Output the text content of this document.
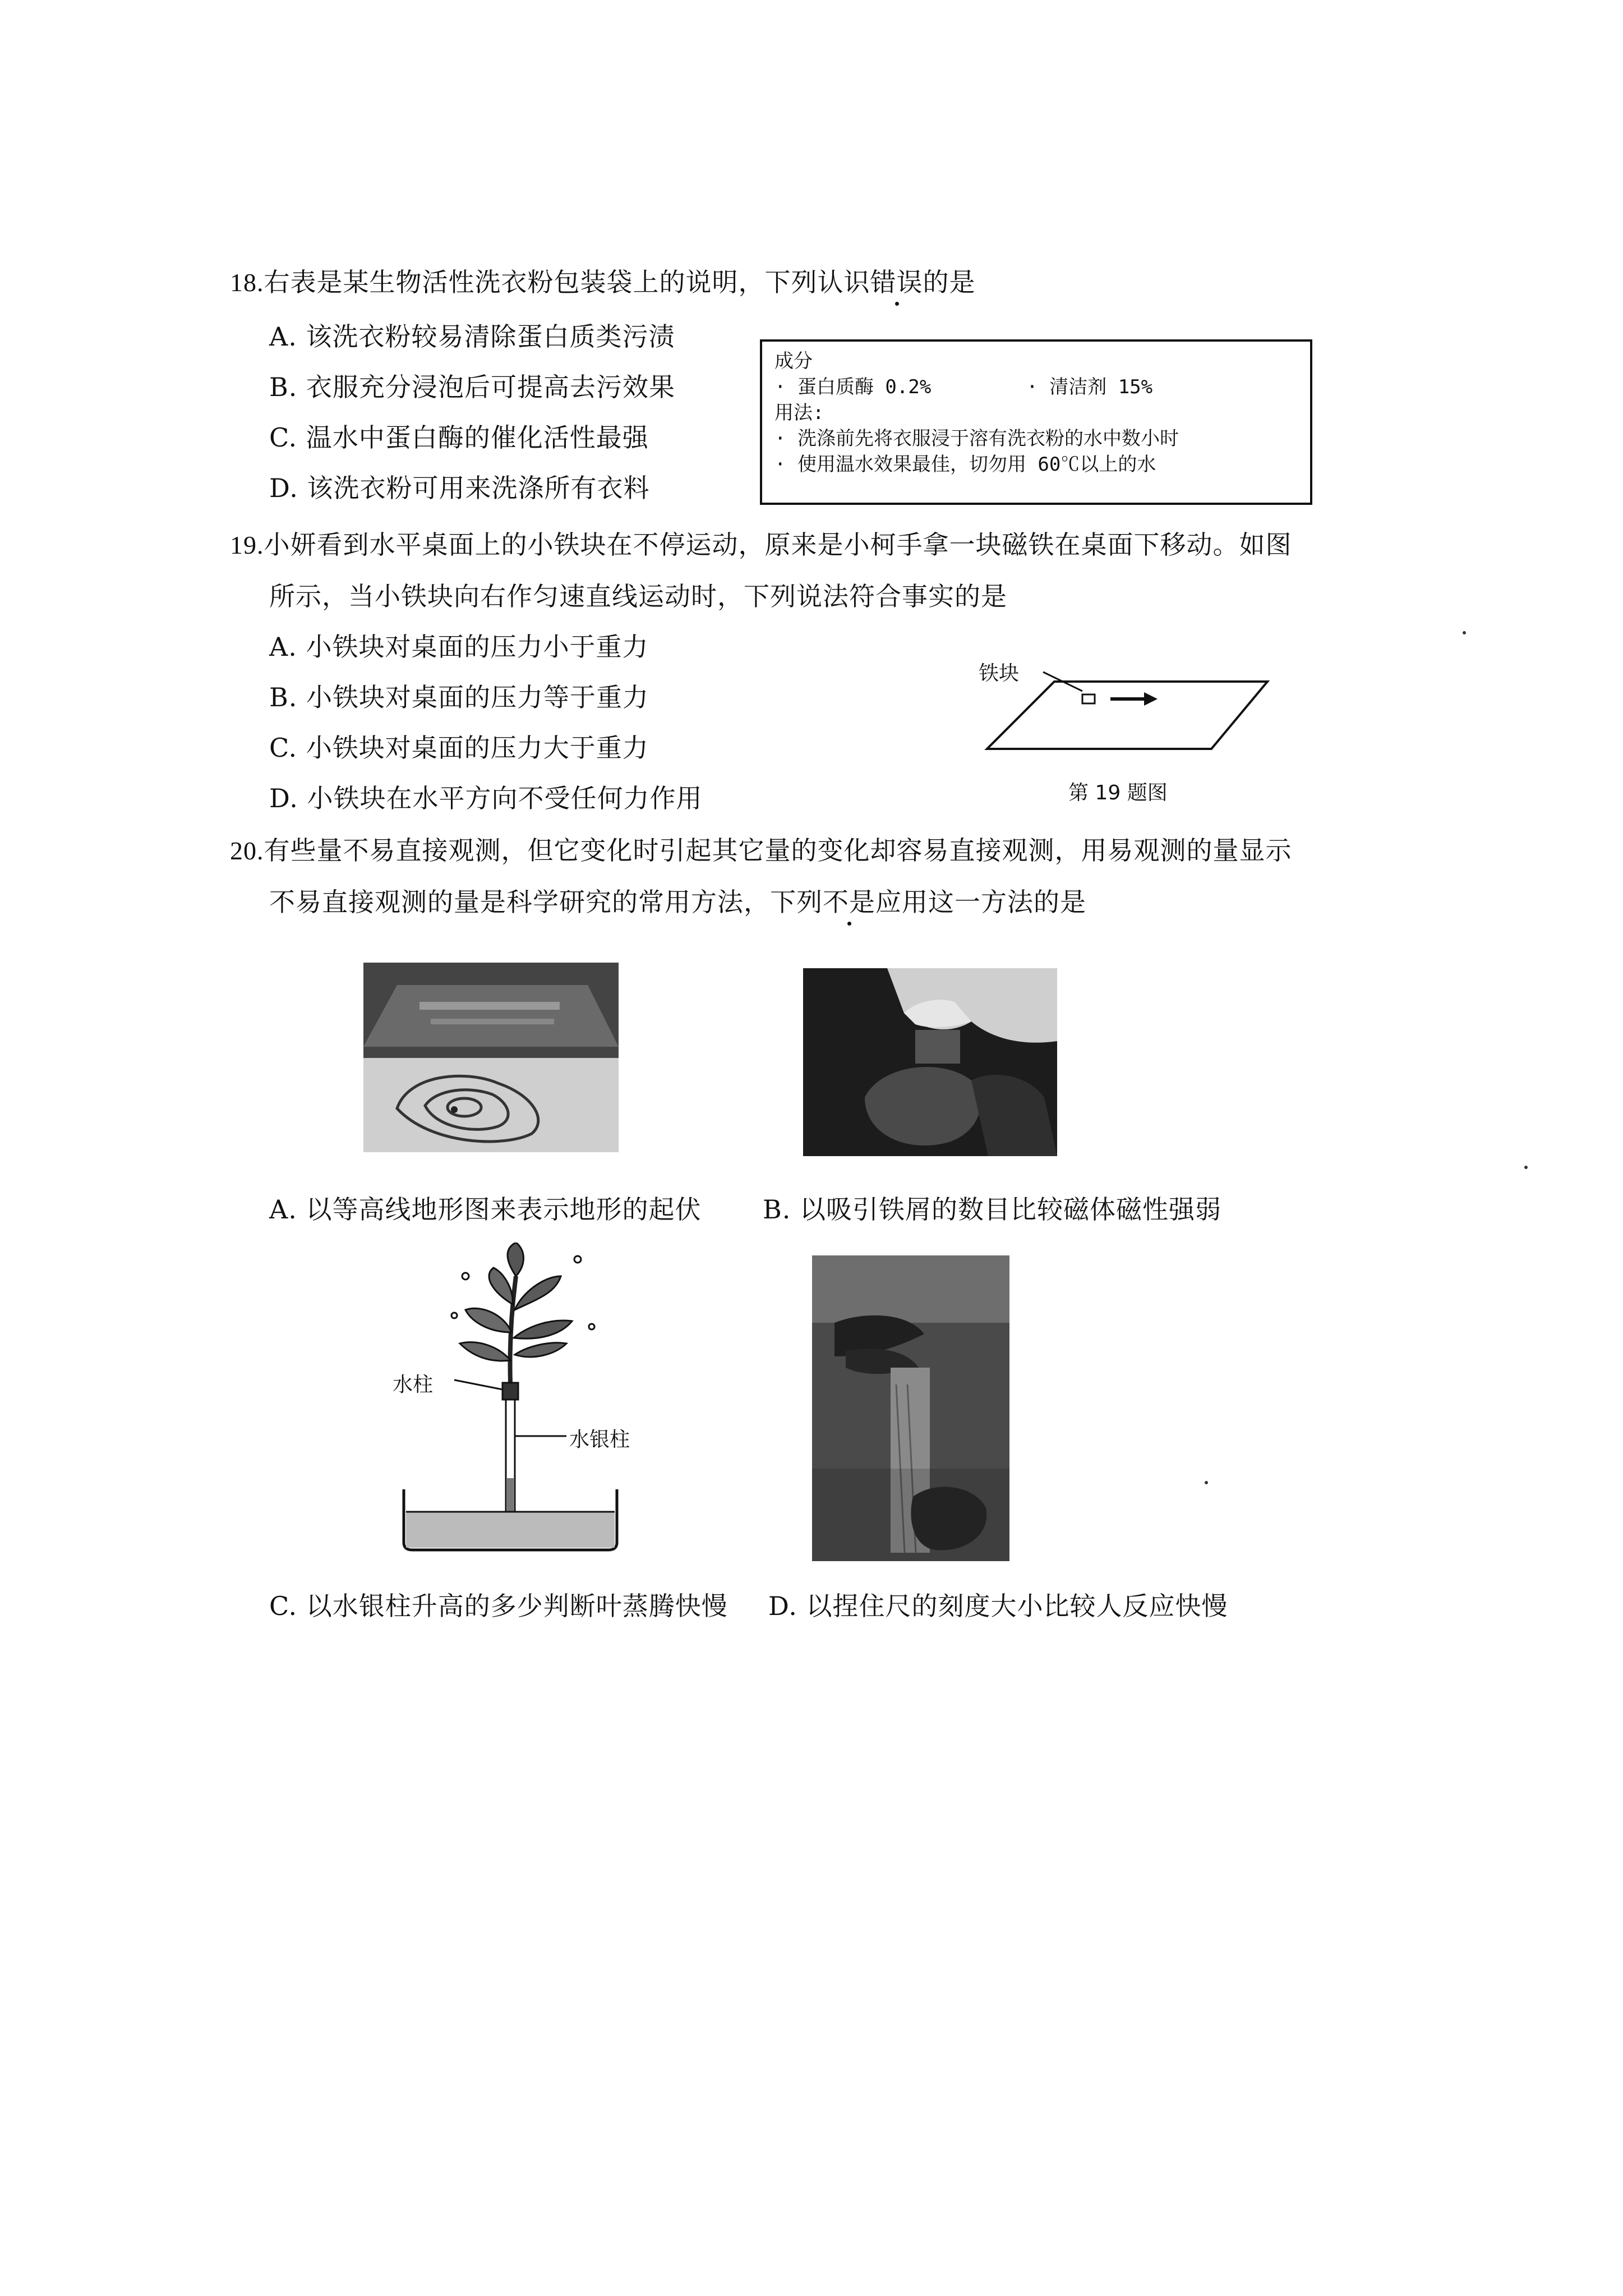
18.右表是某生物活性洗衣粉包装袋上的说明，下列认识错误的是
A. 该洗衣粉较易清除蛋白质类污渍
B. 衣服充分浸泡后可提高去污效果
C. 温水中蛋白酶的催化活性最强
D. 该洗衣粉可用来洗涤所有衣料
成分
· 蛋白质酶 0.2%	· 清洁剂 15%
用法:
· 洗涤前先将衣服浸于溶有洗衣粉的水中数小时
· 使用温水效果最佳，切勿用 60℃以上的水
19.小妍看到水平桌面上的小铁块在不停运动，原来是小柯手拿一块磁铁在桌面下移动。如图
所示，当小铁块向右作匀速直线运动时，下列说法符合事实的是
A. 小铁块对桌面的压力小于重力
B. 小铁块对桌面的压力等于重力
C. 小铁块对桌面的压力大于重力
D. 小铁块在水平方向不受任何力作用
铁块
第 19 题图
20.有些量不易直接观测，但它变化时引起其它量的变化却容易直接观测，用易观测的量显示
不易直接观测的量是科学研究的常用方法，下列不是应用这一方法的是
A. 以等高线地形图来表示地形的起伏 B. 以吸引铁屑的数目比较磁体磁性强弱
水柱
水银柱
C. 以水银柱升高的多少判断叶蒸腾快慢 D. 以捏住尺的刻度大小比较人反应快慢
